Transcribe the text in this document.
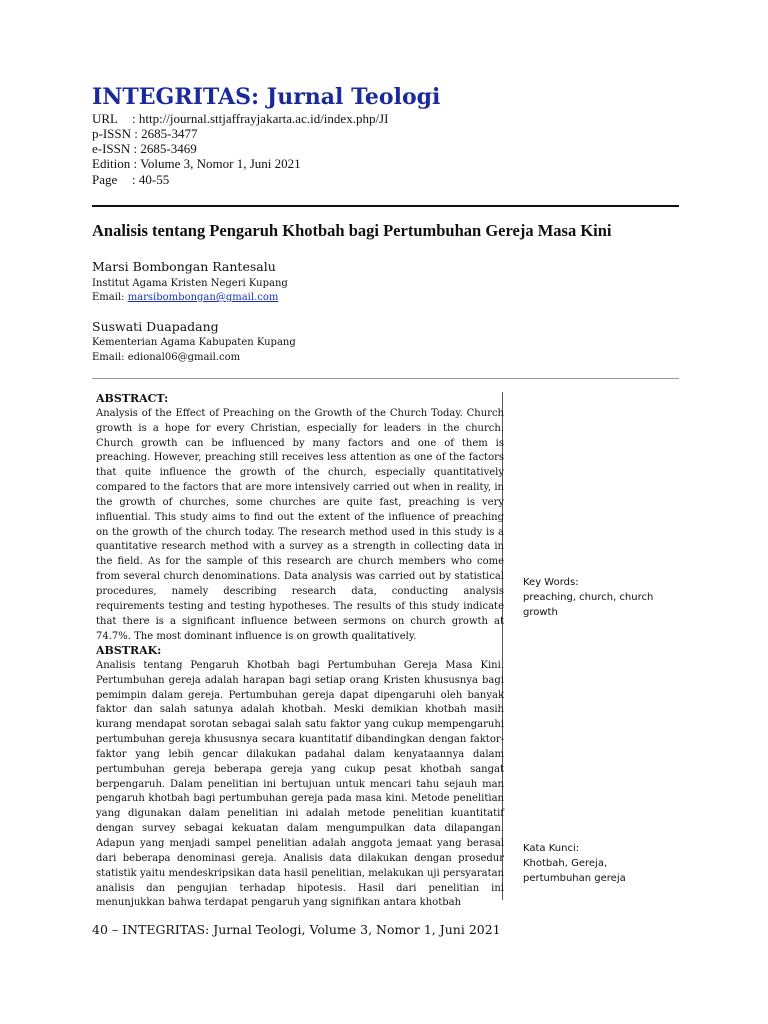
INTEGRITAS: Jurnal Teologi
URL : http://journal.sttjaffrayjakarta.ac.id/index.php/JI
p-ISSN : 2685-3477
e-ISSN : 2685-3469
Edition : Volume 3, Nomor 1, Juni 2021
Page : 40-55
Analisis tentang Pengaruh Khotbah bagi Pertumbuhan Gereja Masa Kini
Marsi Bombongan Rantesalu
Institut Agama Kristen Negeri Kupang
Email: marsibombongan@gmail.com
Suswati Duapadang
Kementerian Agama Kabupaten Kupang
Email: edional06@gmail.com
ABSTRACT:

Analysis of the Effect of Preaching on the Growth of the Church Today. Church growth is a hope for every Christian, especially for leaders in the church. Church growth can be influenced by many factors and one of them is preaching. However, preaching still receives less attention as one of the factors that quite influence the growth of the church, especially quantitatively compared to the factors that are more intensively carried out when in reality, in the growth of churches, some churches are quite fast, preaching is very influential. This study aims to find out the extent of the influence of preaching on the growth of the church today. The research method used in this study is a quantitative research method with a survey as a strength in collecting data in the field. As for the sample of this research are church members who come from several church denominations. Data analysis was carried out by statistical procedures, namely describing research data, conducting analysis requirements testing and testing hypotheses. The results of this study indicate that there is a significant influence between sermons on church growth at 74.7%. The most dominant influence is on growth qualitatively.

Key Words:
preaching, church, church growth
ABSTRAK:

Analisis tentang Pengaruh Khotbah bagi Pertumbuhan Gereja Masa Kini. Pertumbuhan gereja adalah harapan bagi setiap orang Kristen khususnya bagi pemimpin dalam gereja. Pertumbuhan gereja dapat dipengaruhi oleh banyak faktor dan salah satunya adalah khotbah. Meski demikian khotbah masih kurang mendapat sorotan sebagai salah satu faktor yang cukup mempengaruhi pertumbuhan gereja khususnya secara kuantitatif dibandingkan dengan faktor-faktor yang lebih gencar dilakukan padahal dalam kenyataannya dalam pertumbuhan gereja beberapa gereja yang cukup pesat khotbah sangat berpengaruh. Dalam penelitian ini bertujuan untuk mencari tahu sejauh man pengaruh khotbah bagi pertumbuhan gereja pada masa kini. Metode penelitian yang digunakan dalam penelitian ini adalah metode penelitian kuantitatif dengan survey sebagai kekuatan dalam mengumpulkan data dilapangan. Adapun yang menjadi sampel penelitian adalah anggota jemaat yang berasal dari beberapa denominasi gereja. Analisis data dilakukan dengan prosedur statistik yaitu mendeskripsikan data hasil penelitian, melakukan uji persyaratan analisis dan pengujian terhadap hipotesis. Hasil dari penelitian ini menunjukkan bahwa terdapat pengaruh yang signifikan antara khotbah

Kata Kunci:
Khotbah, Gereja, pertumbuhan gereja
40 – INTEGRITAS: Jurnal Teologi, Volume 3, Nomor 1, Juni 2021
